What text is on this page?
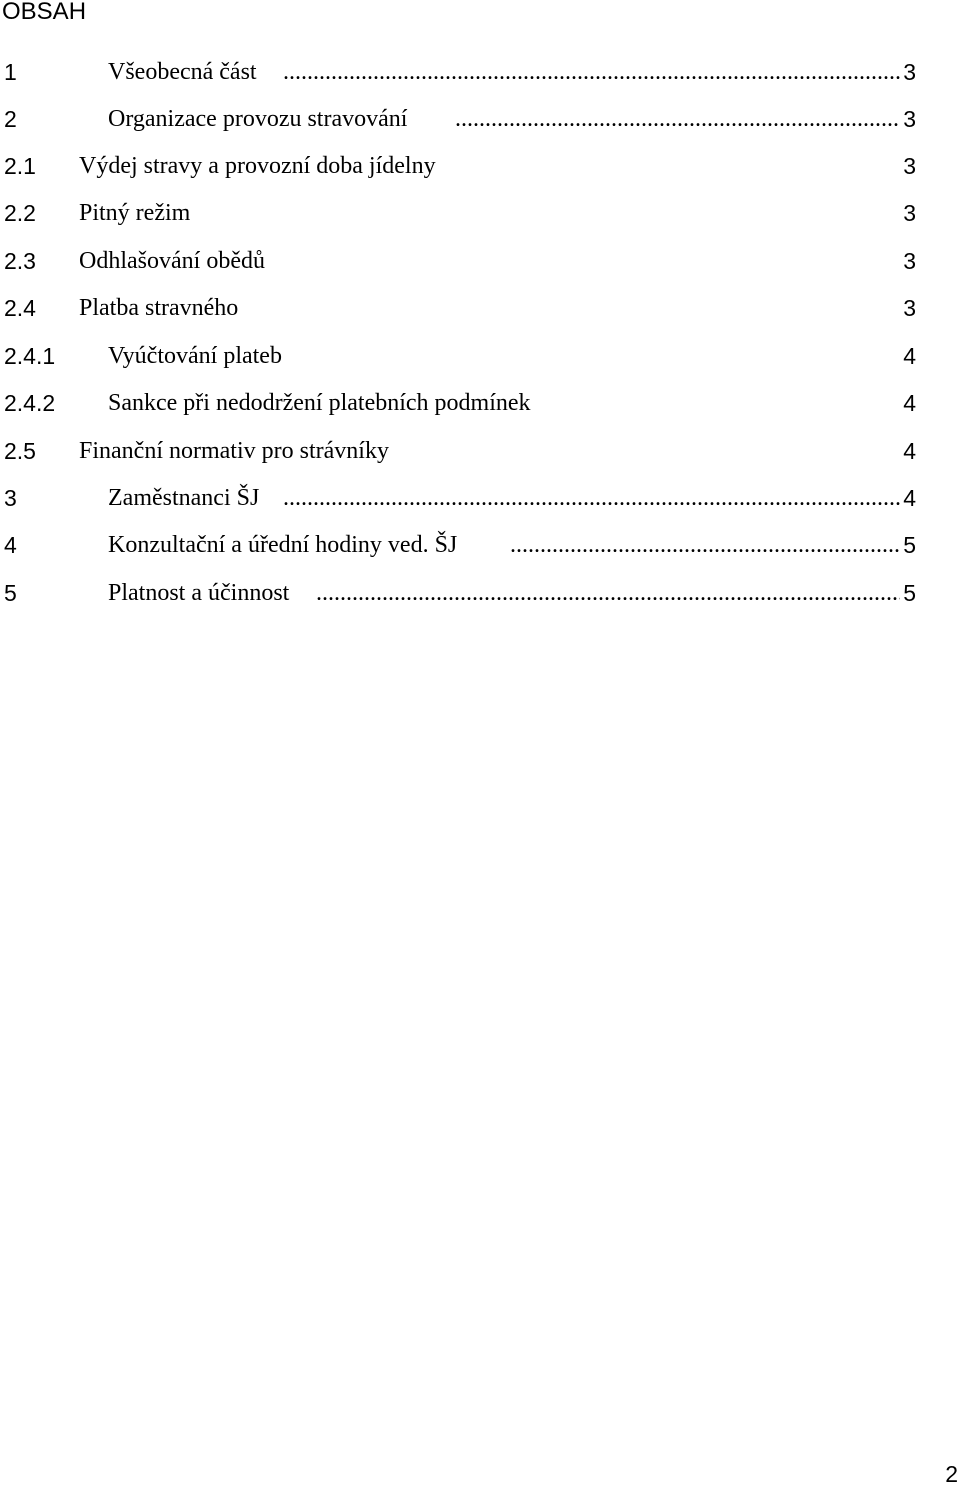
OBSAH
1	Všeobecná část .....	3
2	Organizace provozu stravování .....	3
2.1 Výdej stravy a provozní doba jídelny	3
2.2 Pitný režim	3
2.3 Odhlašování obědů	3
2.4 Platba stravného	3
2.4.1 Vyúčtování plateb	4
2.4.2 Sankce při nedodržení platebních podmínek	4
2.5 Finanční normativ pro strávníky	4
3	Zaměstnanci ŠJ .....	4
4	Konzultační a úřední hodiny ved. ŠJ .....	5
5	Platnost a účinnost .....	5
2
